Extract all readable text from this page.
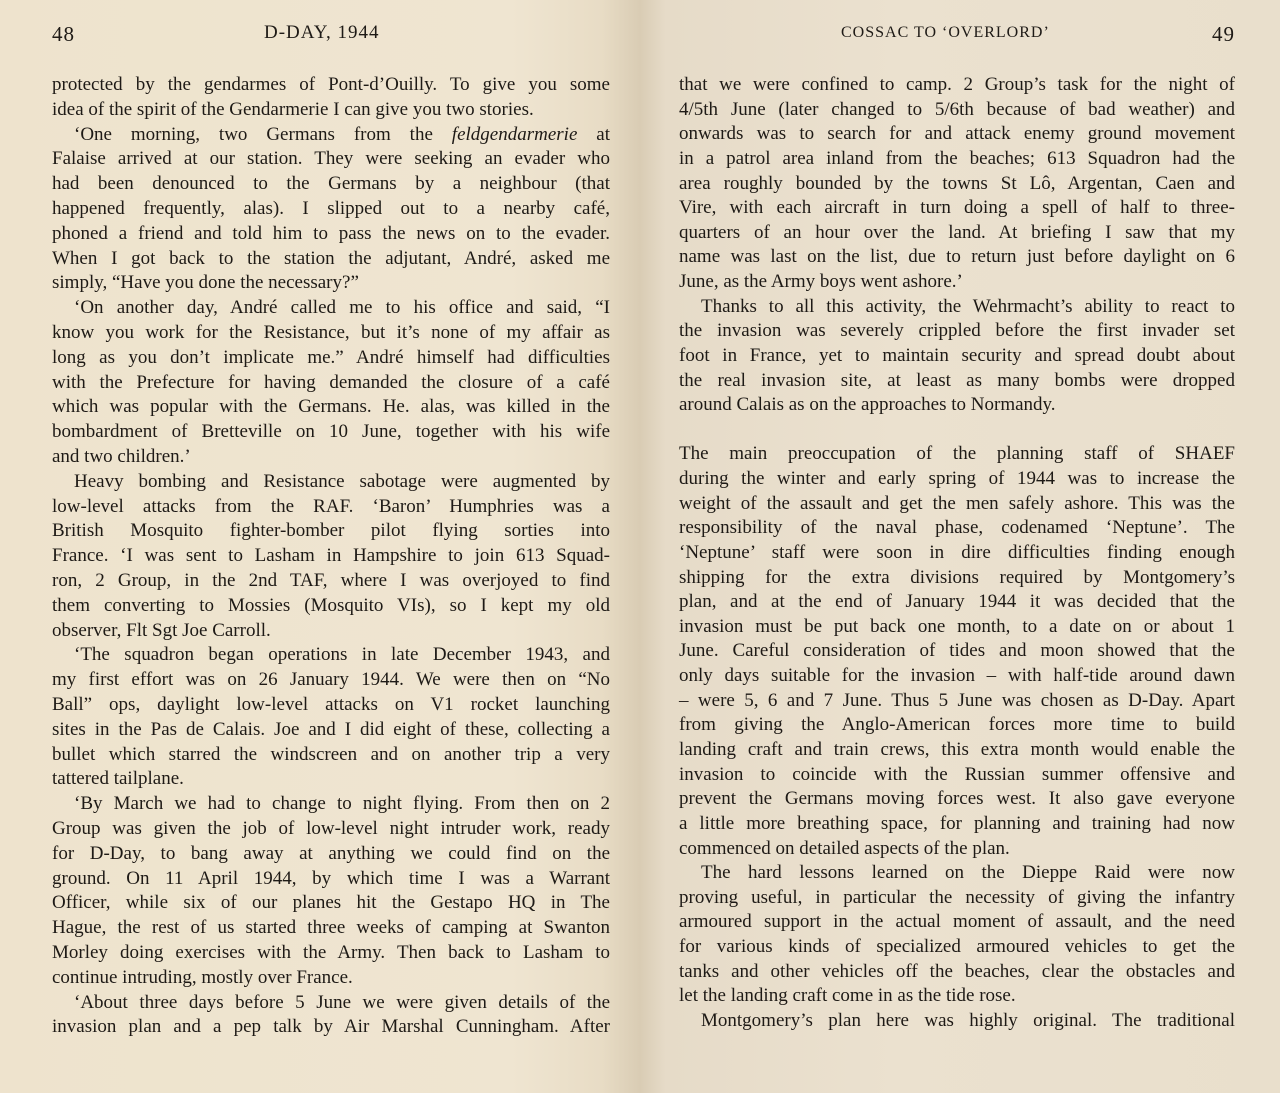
48	D-DAY, 1944
protected by the gendarmes of Pont-d’Ouilly. To give you some
idea of the spirit of the Gendarmerie I can give you two stories.
‘One morning, two Germans from the feldgendarmerie at
Falaise arrived at our station. They were seeking an evader who
had been denounced to the Germans by a neighbour (that
happened frequently, alas). I slipped out to a nearby café,
phoned a friend and told him to pass the news on to the evader.
When I got back to the station the adjutant, André, asked me
simply, “Have you done the necessary?”
‘On another day, André called me to his office and said, “I
know you work for the Resistance, but it’s none of my affair as
long as you don’t implicate me.” André himself had difficulties
with the Prefecture for having demanded the closure of a café
which was popular with the Germans. He. alas, was killed in the
bombardment of Bretteville on 10 June, together with his wife
and two children.’
Heavy bombing and Resistance sabotage were augmented by
low-level attacks from the RAF. ‘Baron’ Humphries was a
British Mosquito fighter-bomber pilot flying sorties into
France. ‘I was sent to Lasham in Hampshire to join 613 Squad-
ron, 2 Group, in the 2nd TAF, where I was overjoyed to find
them converting to Mossies (Mosquito VIs), so I kept my old
observer, Flt Sgt Joe Carroll.
‘The squadron began operations in late December 1943, and
my first effort was on 26 January 1944. We were then on “No
Ball” ops, daylight low-level attacks on V1 rocket launching
sites in the Pas de Calais. Joe and I did eight of these, collecting a
bullet which starred the windscreen and on another trip a very
tattered tailplane.
‘By March we had to change to night flying. From then on 2
Group was given the job of low-level night intruder work, ready
for D-Day, to bang away at anything we could find on the
ground. On 11 April 1944, by which time I was a Warrant
Officer, while six of our planes hit the Gestapo HQ in The
Hague, the rest of us started three weeks of camping at Swanton
Morley doing exercises with the Army. Then back to Lasham to
continue intruding, mostly over France.
‘About three days before 5 June we were given details of the
invasion plan and a pep talk by Air Marshal Cunningham. After
COSSAC TO ‘OVERLORD’	49
that we were confined to camp. 2 Group’s task for the night of
4/5th June (later changed to 5/6th because of bad weather) and
onwards was to search for and attack enemy ground movement
in a patrol area inland from the beaches; 613 Squadron had the
area roughly bounded by the towns St Lô, Argentan, Caen and
Vire, with each aircraft in turn doing a spell of half to three-
quarters of an hour over the land. At briefing I saw that my
name was last on the list, due to return just before daylight on 6
June, as the Army boys went ashore.’
Thanks to all this activity, the Wehrmacht’s ability to react to
the invasion was severely crippled before the first invader set
foot in France, yet to maintain security and spread doubt about
the real invasion site, at least as many bombs were dropped
around Calais as on the approaches to Normandy.
The main preoccupation of the planning staff of SHAEF
during the winter and early spring of 1944 was to increase the
weight of the assault and get the men safely ashore. This was the
responsibility of the naval phase, codenamed ‘Neptune’. The
‘Neptune’ staff were soon in dire difficulties finding enough
shipping for the extra divisions required by Montgomery’s
plan, and at the end of January 1944 it was decided that the
invasion must be put back one month, to a date on or about 1
June. Careful consideration of tides and moon showed that the
only days suitable for the invasion – with half-tide around dawn
– were 5, 6 and 7 June. Thus 5 June was chosen as D-Day. Apart
from giving the Anglo-American forces more time to build
landing craft and train crews, this extra month would enable the
invasion to coincide with the Russian summer offensive and
prevent the Germans moving forces west. It also gave everyone
a little more breathing space, for planning and training had now
commenced on detailed aspects of the plan.
The hard lessons learned on the Dieppe Raid were now
proving useful, in particular the necessity of giving the infantry
armoured support in the actual moment of assault, and the need
for various kinds of specialized armoured vehicles to get the
tanks and other vehicles off the beaches, clear the obstacles and
let the landing craft come in as the tide rose.
Montgomery’s plan here was highly original. The traditional
